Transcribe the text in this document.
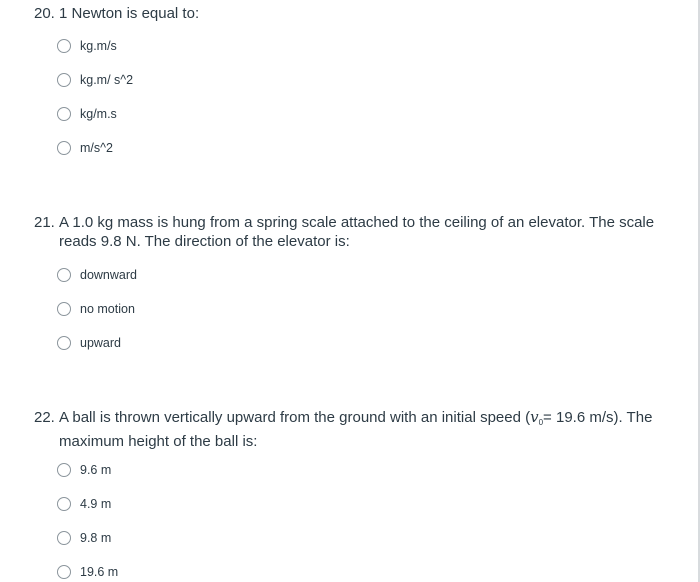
20. 1 Newton is equal to:
kg.m/s
kg.m/ s^2
kg/m.s
m/s^2
21. A 1.0 kg mass is hung from a spring scale attached to the ceiling of an elevator. The scale reads 9.8 N. The direction of the elevator is:
downward
no motion
upward
22. A ball is thrown vertically upward from the ground with an initial speed ($v_0= 19.6$ m/s). The maximum height of the ball is:
9.6 m
4.9 m
9.8 m
19.6 m
